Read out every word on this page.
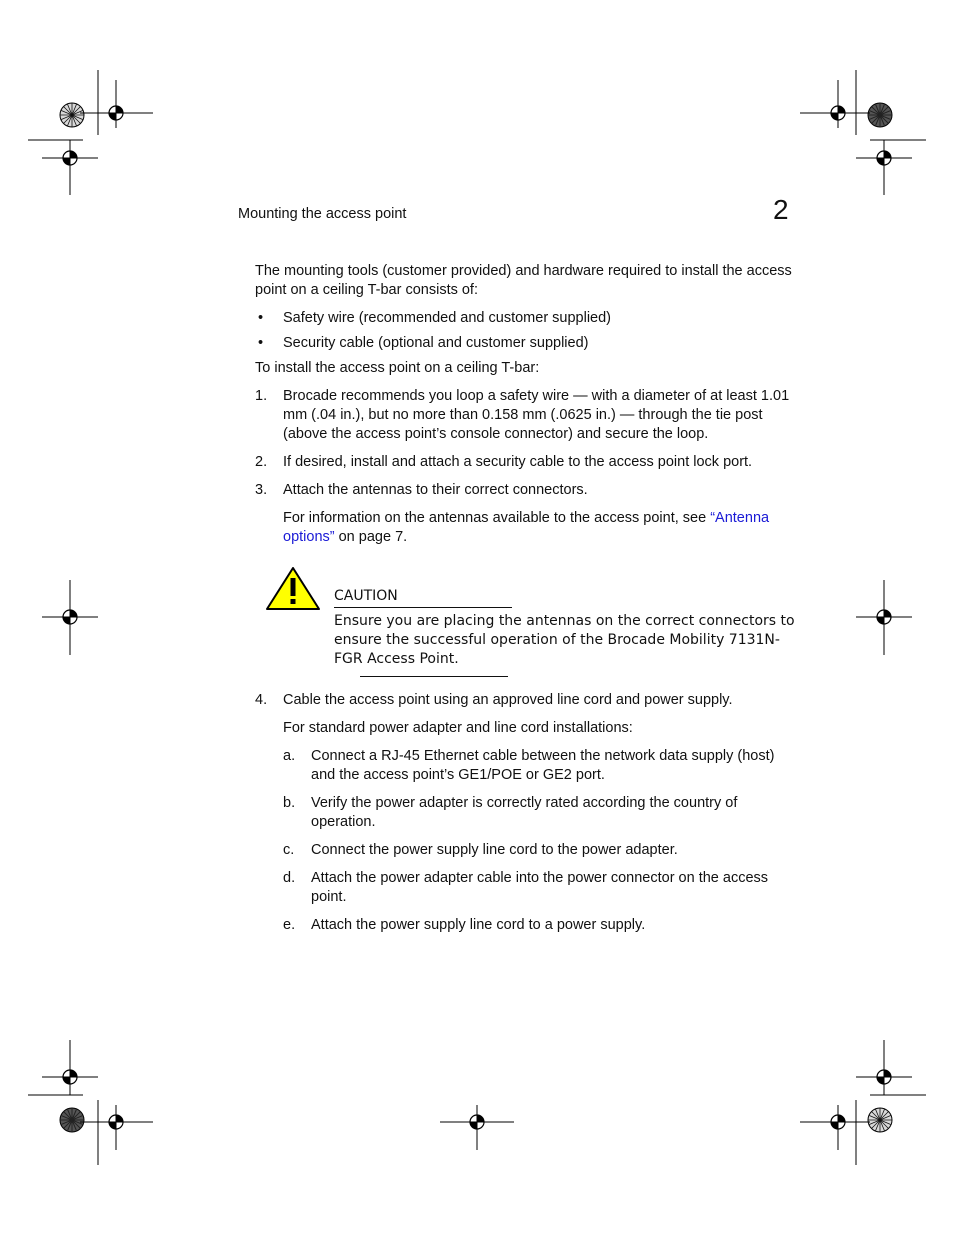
Mounting the access point	2
The mounting tools (customer provided) and hardware required to install the access point on a ceiling T-bar consists of:
• Safety wire (recommended and customer supplied)
• Security cable (optional and customer supplied)
To install the access point on a ceiling T-bar:
1. Brocade recommends you loop a safety wire — with a diameter of at least 1.01 mm (.04 in.), but no more than 0.158 mm (.0625 in.) — through the tie post (above the access point’s console connector) and secure the loop.
2. If desired, install and attach a security cable to the access point lock port.
3. Attach the antennas to their correct connectors.
For information on the antennas available to the access point, see “Antenna options” on page 7.
CAUTION
Ensure you are placing the antennas on the correct connectors to ensure the successful operation of the Brocade Mobility 7131N-FGR Access Point.
4. Cable the access point using an approved line cord and power supply.
For standard power adapter and line cord installations:
a. Connect a RJ-45 Ethernet cable between the network data supply (host) and the access point’s GE1/POE or GE2 port.
b. Verify the power adapter is correctly rated according the country of operation.
c. Connect the power supply line cord to the power adapter.
d. Attach the power adapter cable into the power connector on the access point.
e. Attach the power supply line cord to a power supply.
